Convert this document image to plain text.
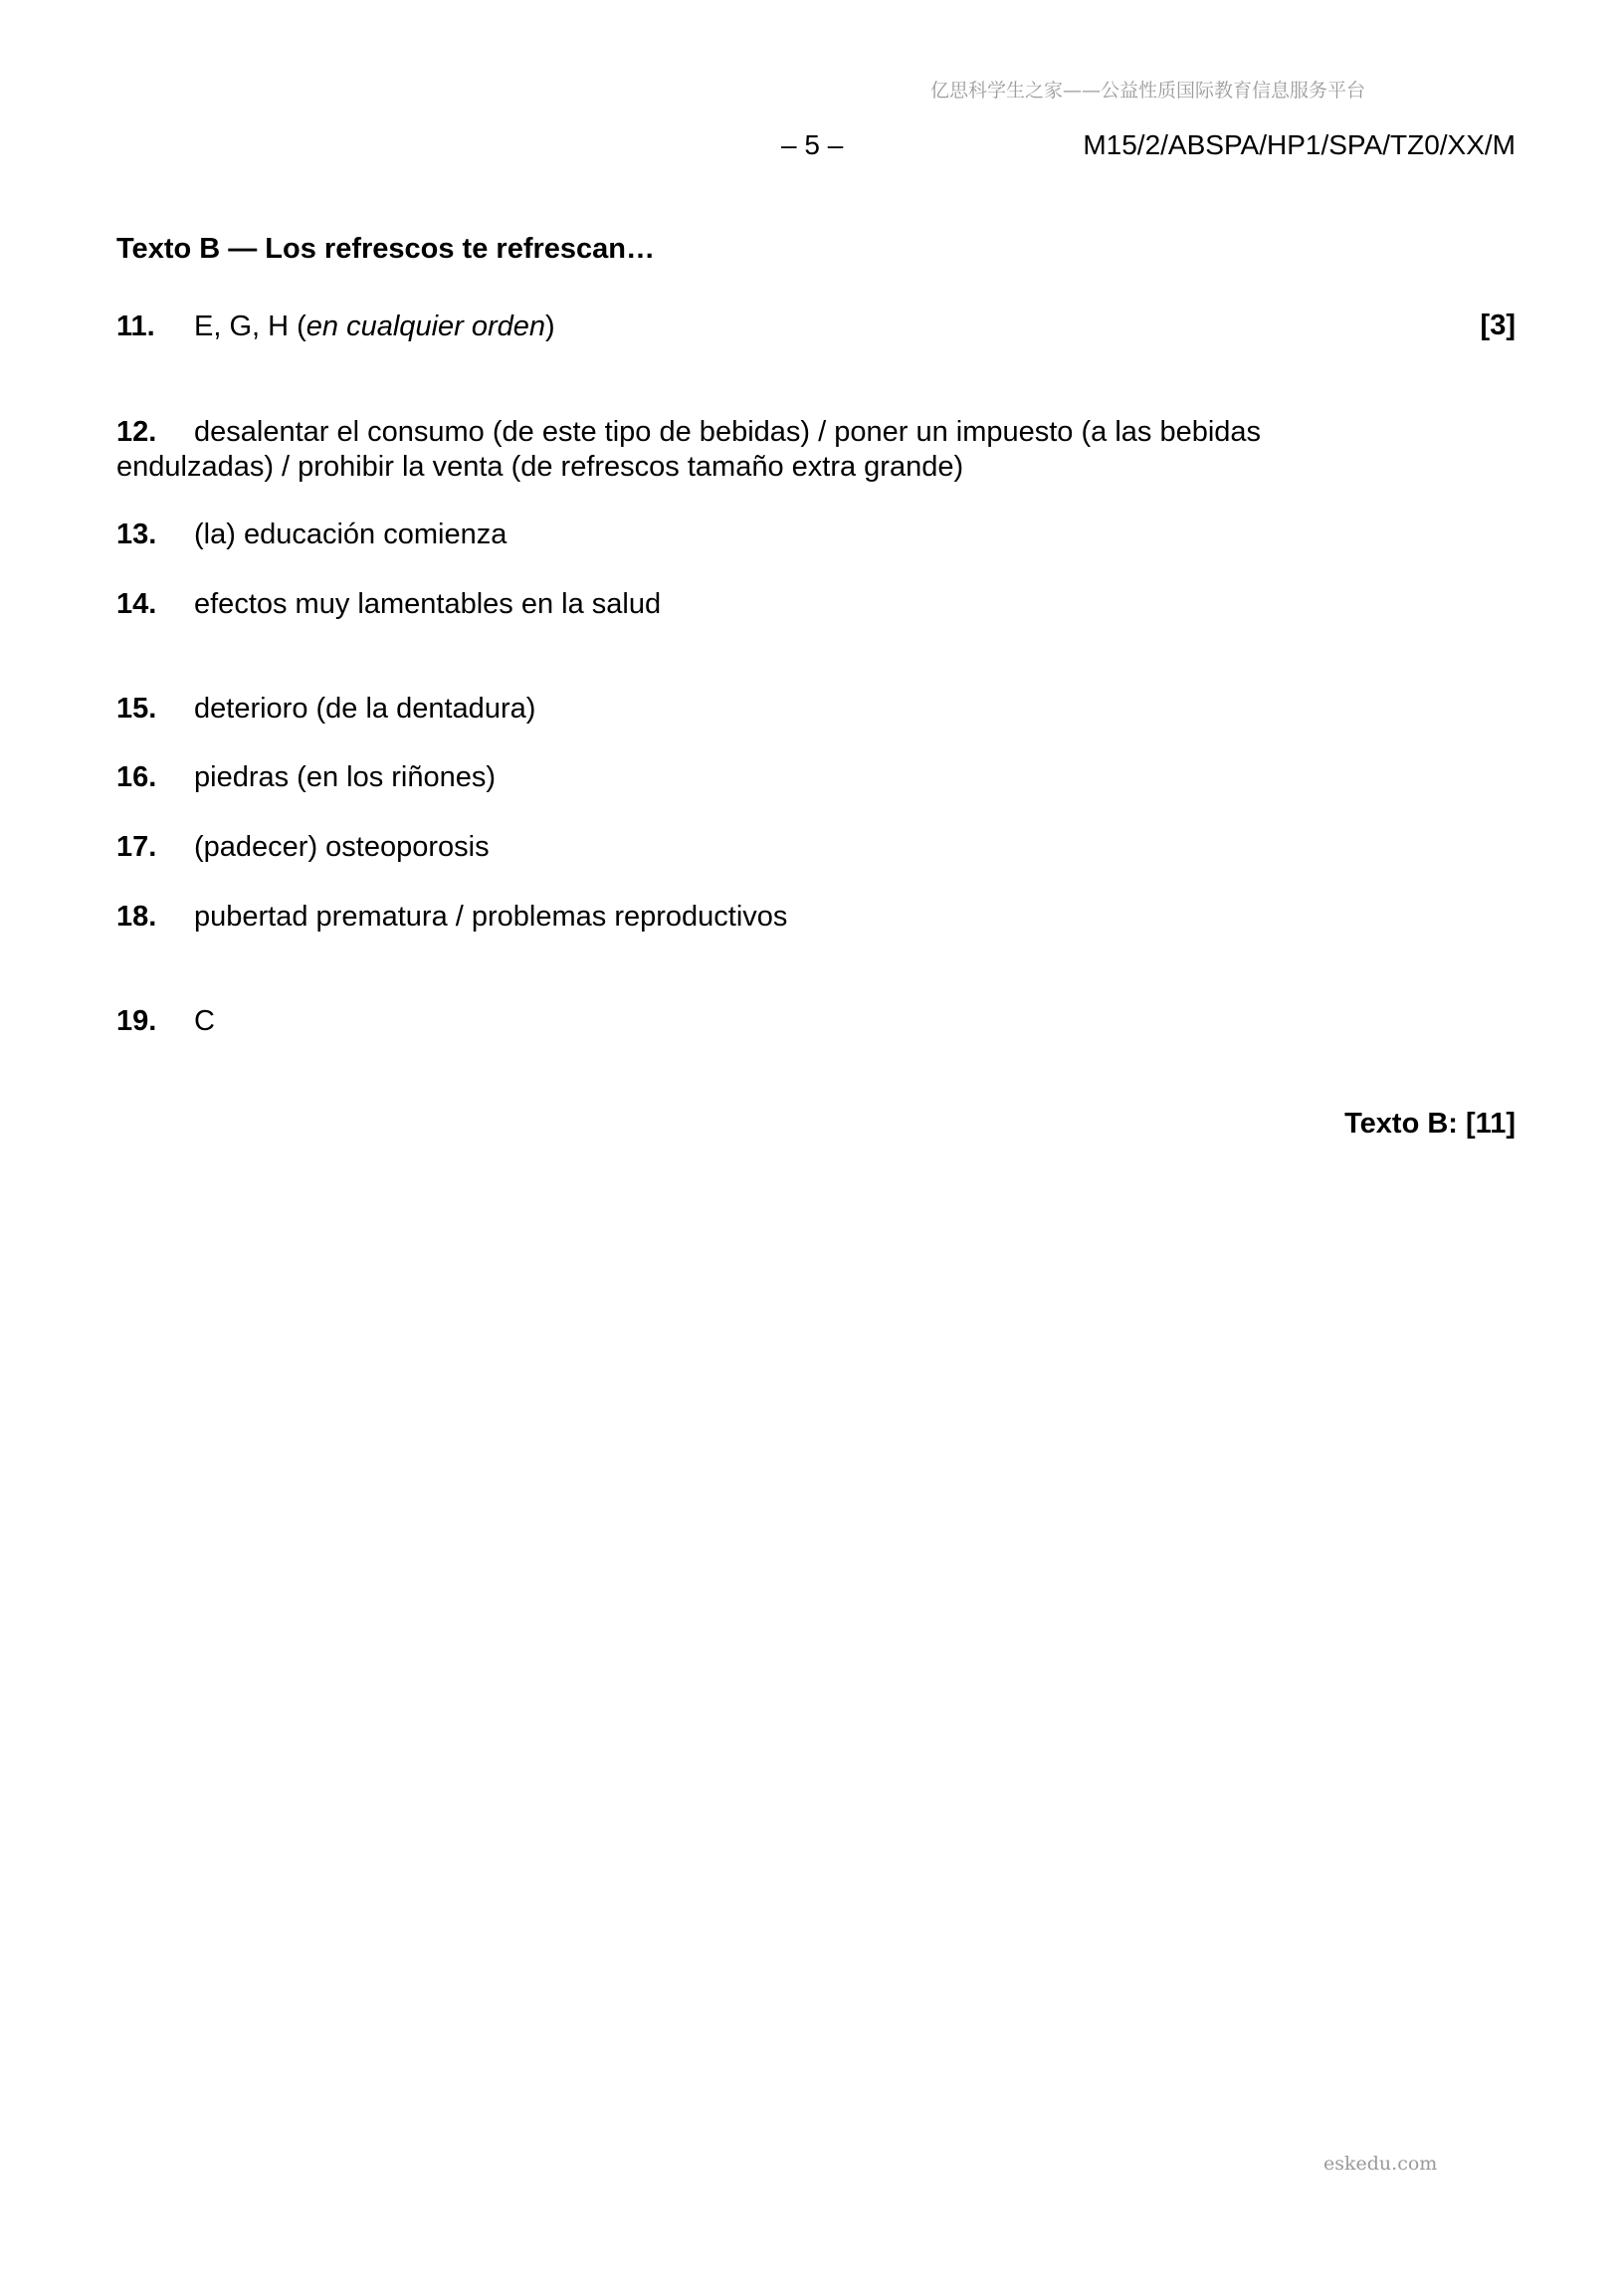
亿思科学生之家——公益性质国际教育信息服务平台
– 5 –	M15/2/ABSPA/HP1/SPA/TZ0/XX/M
Texto B — Los refrescos te refrescan…
11. E, G, H (en cualquier orden)	[3]
12. desalentar el consumo (de este tipo de bebidas) / poner un impuesto (a las bebidas endulzadas) / prohibir la venta (de refrescos tamaño extra grande)
13. (la) educación comienza
14. efectos muy lamentables en la salud
15. deterioro (de la dentadura)
16. piedras (en los riñones)
17. (padecer) osteoporosis
18. pubertad prematura / problemas reproductivos
19. C
Texto B: [11]
eskedu.com
